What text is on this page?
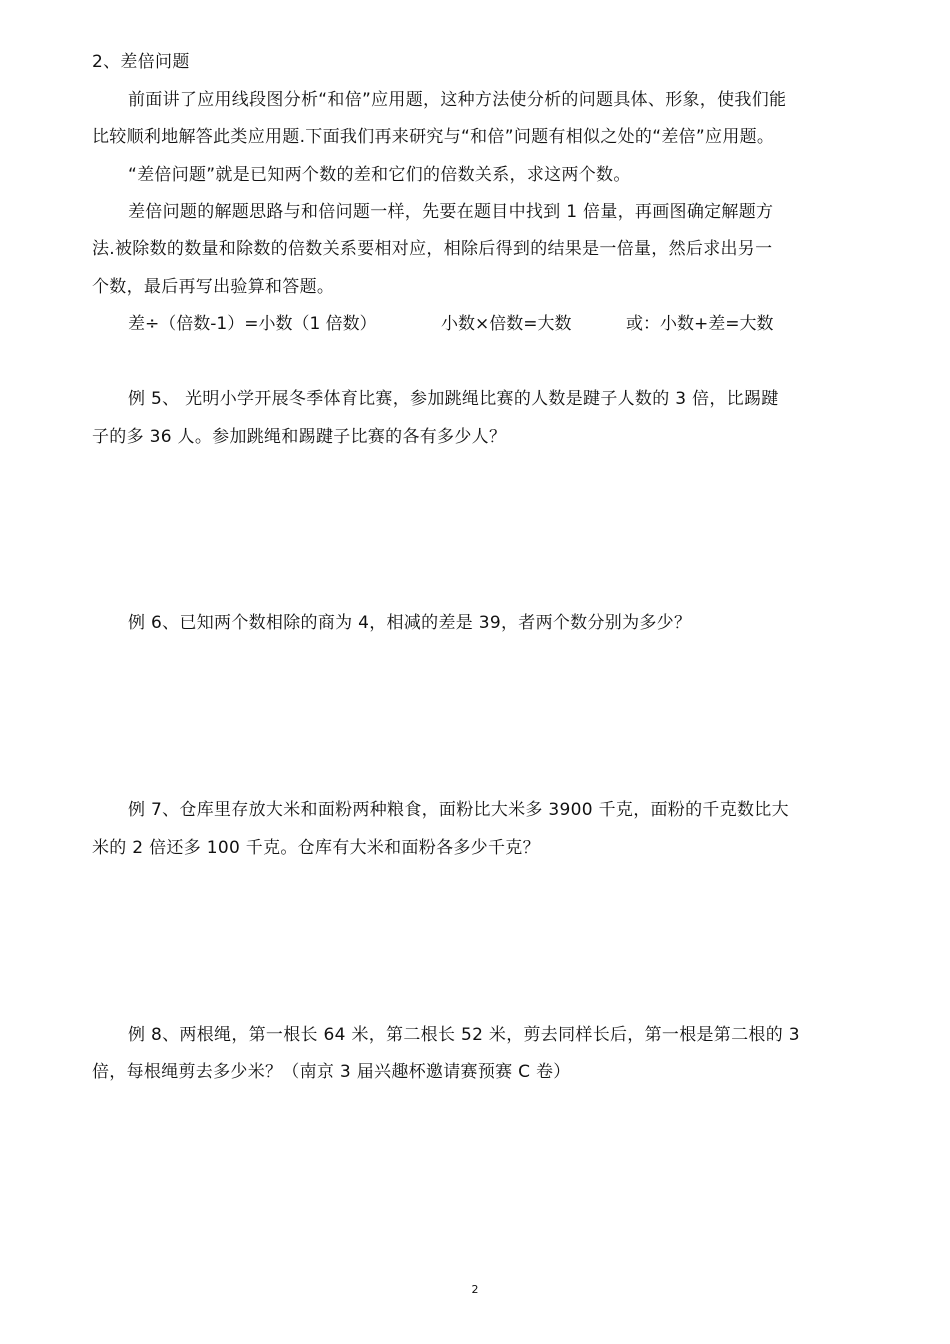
2、差倍问题
前面讲了应用线段图分析“和倍”应用题，这种方法使分析的问题具体、形象，使我们能
比较顺利地解答此类应用题.下面我们再来研究与“和倍”问题有相似之处的“差倍”应用题。
“差倍问题”就是已知两个数的差和它们的倍数关系，求这两个数。
差倍问题的解题思路与和倍问题一样，先要在题目中找到 1 倍量，再画图确定解题方
法.被除数的数量和除数的倍数关系要相对应，相除后得到的结果是一倍量，然后求出另一
个数，最后再写出验算和答题。
差÷（倍数-1）=小数（1 倍数）	小数×倍数=大数	或：小数+差=大数
例 5、 光明小学开展冬季体育比赛，参加跳绳比赛的人数是踺子人数的 3 倍，比踢踺
子的多 36 人。参加跳绳和踢踺子比赛的各有多少人？
例 6、已知两个数相除的商为 4，相减的差是 39，者两个数分别为多少？
例 7、仓库里存放大米和面粉两种粮食，面粉比大米多 3900 千克，面粉的千克数比大
米的 2 倍还多 100 千克。仓库有大米和面粉各多少千克？
例 8、两根绳，第一根长 64 米，第二根长 52 米，剪去同样长后，第一根是第二根的 3
倍，每根绳剪去多少米？（南京 3 届兴趣杯邀请赛预赛 C 卷）
2
